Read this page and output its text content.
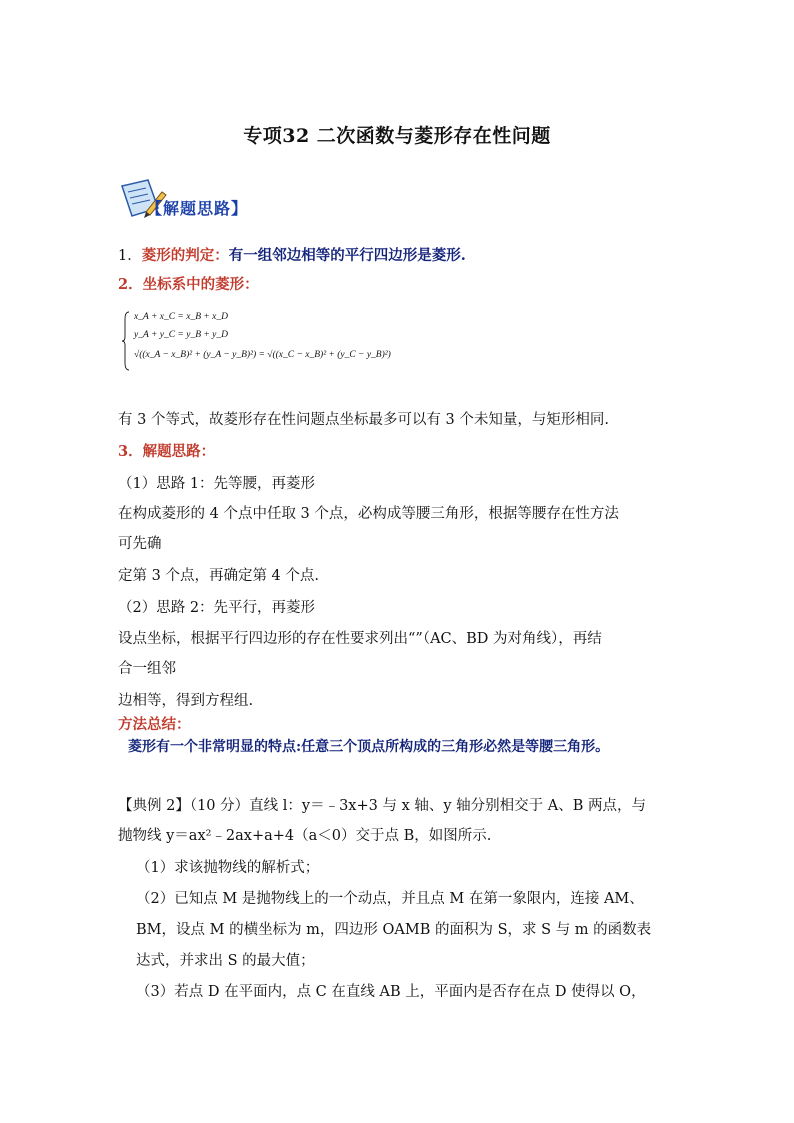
专项32 二次函数与菱形存在性问题
【解题思路】
1．菱形的判定：有一组邻边相等的平行四边形是菱形.
2．坐标系中的菱形：
x_A + x_C = x_B + x_D
y_A + y_C = y_B + y_D
√((x_A − x_B)² + (y_A − y_B)²) = √((x_C − x_B)² + (y_C − y_B)²)
有 3 个等式，故菱形存在性问题点坐标最多可以有 3 个未知量，与矩形相同.
3．解题思路：
（1）思路 1：先等腰，再菱形
在构成菱形的 4 个点中任取 3 个点，必构成等腰三角形，根据等腰存在性方法
可先确
定第 3 个点，再确定第 4 个点.
（2）思路 2：先平行，再菱形
设点坐标，根据平行四边形的存在性要求列出“”（AC、BD 为对角线），再结
合一组邻
边相等，得到方程组.
方法总结：
菱形有一个非常明显的特点:任意三个顶点所构成的三角形必然是等腰三角形。
【典例 2】（10 分）直线 l：y＝﹣3x+3 与 x 轴、y 轴分别相交于 A、B 两点，与
抛物线 y＝ax²﹣2ax+a+4（a＜0）交于点 B，如图所示.
（1）求该抛物线的解析式；
（2）已知点 M 是抛物线上的一个动点，并且点 M 在第一象限内，连接 AM、
BM，设点 M 的横坐标为 m，四边形 OAMB 的面积为 S，求 S 与 m 的函数表
达式，并求出 S 的最大值；
（3）若点 D 在平面内，点 C 在直线 AB 上，平面内是否存在点 D 使得以 O，
